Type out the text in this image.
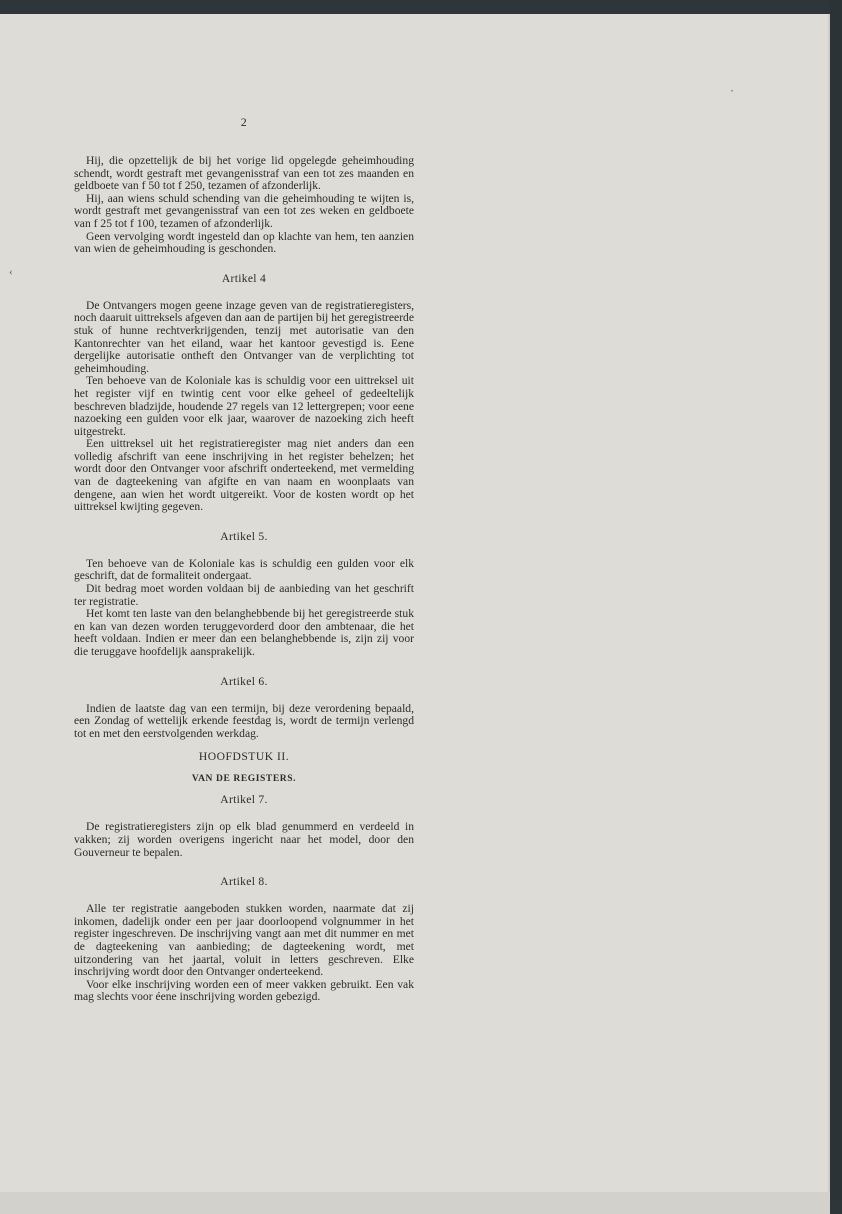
‹
•
2

Hij, die opzettelijk de bij het vorige lid opgelegde geheimhouding schendt, wordt gestraft met gevangenisstraf van een tot zes maanden en geldboete van f 50 tot f 250, tezamen of afzonderlijk.

Hij, aan wiens schuld schending van die geheimhouding te wijten is, wordt gestraft met gevangenisstraf van een tot zes weken en geldboete van f 25 tot f 100, tezamen of afzonderlijk.

Geen vervolging wordt ingesteld dan op klachte van hem, ten aanzien van wien de geheimhouding is geschonden.

Artikel 4

De Ontvangers mogen geene inzage geven van de registratieregisters, noch daaruit uittreksels afgeven dan aan de partijen bij het geregistreerde stuk of hunne rechtverkrijgenden, tenzij met autorisatie van den Kantonrechter van het eiland, waar het kantoor gevestigd is. Eene dergelijke autorisatie ontheft den Ontvanger van de verplichting tot geheimhouding.

Ten behoeve van de Koloniale kas is schuldig voor een uittreksel uit het register vijf en twintig cent voor elke geheel of gedeeltelijk beschreven bladzijde, houdende 27 regels van 12 lettergrepen; voor eene nazoeking een gulden voor elk jaar, waarover de nazoeking zich heeft uitgestrekt.

Een uittreksel uit het registratieregister mag niet anders dan een volledig afschrift van eene inschrijving in het register behelzen; het wordt door den Ontvanger voor afschrift onderteekend, met vermelding van de dagteekening van afgifte en van naam en woonplaats van dengene, aan wien het wordt uitgereikt. Voor de kosten wordt op het uittreksel kwijting gegeven.

Artikel 5.

Ten behoeve van de Koloniale kas is schuldig een gulden voor elk geschrift, dat de formaliteit ondergaat.

Dit bedrag moet worden voldaan bij de aanbieding van het geschrift ter registratie.

Het komt ten laste van den belanghebbende bij het geregistreerde stuk en kan van dezen worden teruggevorderd door den ambtenaar, die het heeft voldaan. Indien er meer dan een belanghebbende is, zijn zij voor die teruggave hoofdelijk aansprakelijk.

Artikel 6.

Indien de laatste dag van een termijn, bij deze verordening bepaald, een Zondag of wettelijk erkende feestdag is, wordt de termijn verlengd tot en met den eerstvolgenden werkdag.

HOOFDSTUK II.
VAN DE REGISTERS.
Artikel 7.

De registratieregisters zijn op elk blad genummerd en verdeeld in vakken; zij worden overigens ingericht naar het model, door den Gouverneur te bepalen.

Artikel 8.

Alle ter registratie aangeboden stukken worden, naarmate dat zij inkomen, dadelijk onder een per jaar doorloopend volgnummer in het register ingeschreven. De inschrijving vangt aan met dit nummer en met de dagteekening van aanbieding; de dagteekening wordt, met uitzondering van het jaartal, voluit in letters geschreven. Elke inschrijving wordt door den Ontvanger onderteekend.

Voor elke inschrijving worden een of meer vakken gebruikt. Een vak mag slechts voor éene inschrijving worden gebezigd.
